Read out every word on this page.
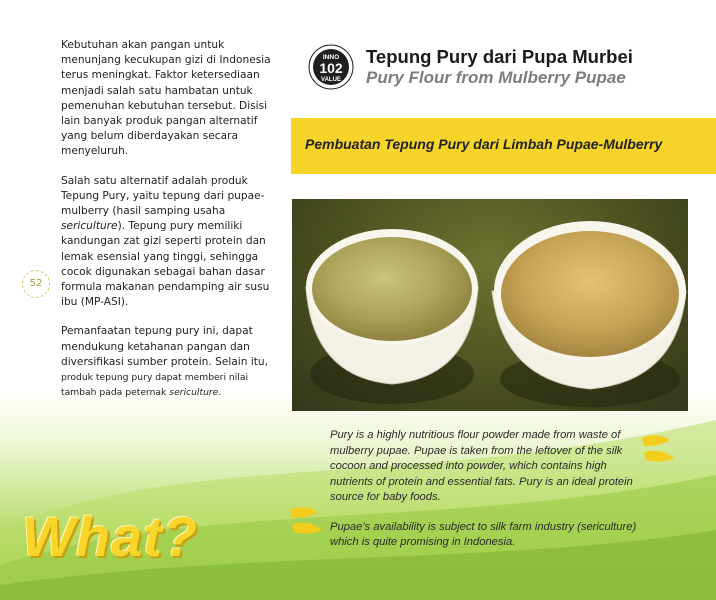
Kebutuhan akan pangan untuk menunjang kecukupan gizi di Indonesia terus meningkat. Faktor ketersediaan menjadi salah satu hambatan untuk pemenuhan kebutuhan tersebut. Disisi lain banyak produk pangan alternatif yang belum diberdayakan secara menyeluruh.

Salah satu alternatif adalah produk Tepung Pury, yaitu tepung dari pupae-mulberry (hasil samping usaha sericulture). Tepung pury memiliki kandungan zat gizi seperti protein dan lemak esensial yang tinggi, sehingga cocok digunakan sebagai bahan dasar formula makanan pendamping air susu ibu (MP-ASI).

Pemanfaatan tepung pury ini, dapat mendukung ketahanan pangan dan diversifikasi sumber protein. Selain itu, produk tepung pury dapat memberi nilai tambah pada peternak sericulture.

52
INNO
102
VALUE
Tepung Pury dari Pupa Murbei
Pury Flour from Mulberry Pupae
Pembuatan Tepung Pury dari Limbah Pupae-Mulberry

Pury is a highly nutritious flour powder made from waste of mulberry pupae. Pupae is taken from the leftover of the silk cocoon and processed into powder, which contains high nutrients of protein and essential fats. Pury is an ideal protein source for baby foods.

Pupae's availability is subject to silk farm industry (sericulture) which is quite promising in Indonesia.

What?
